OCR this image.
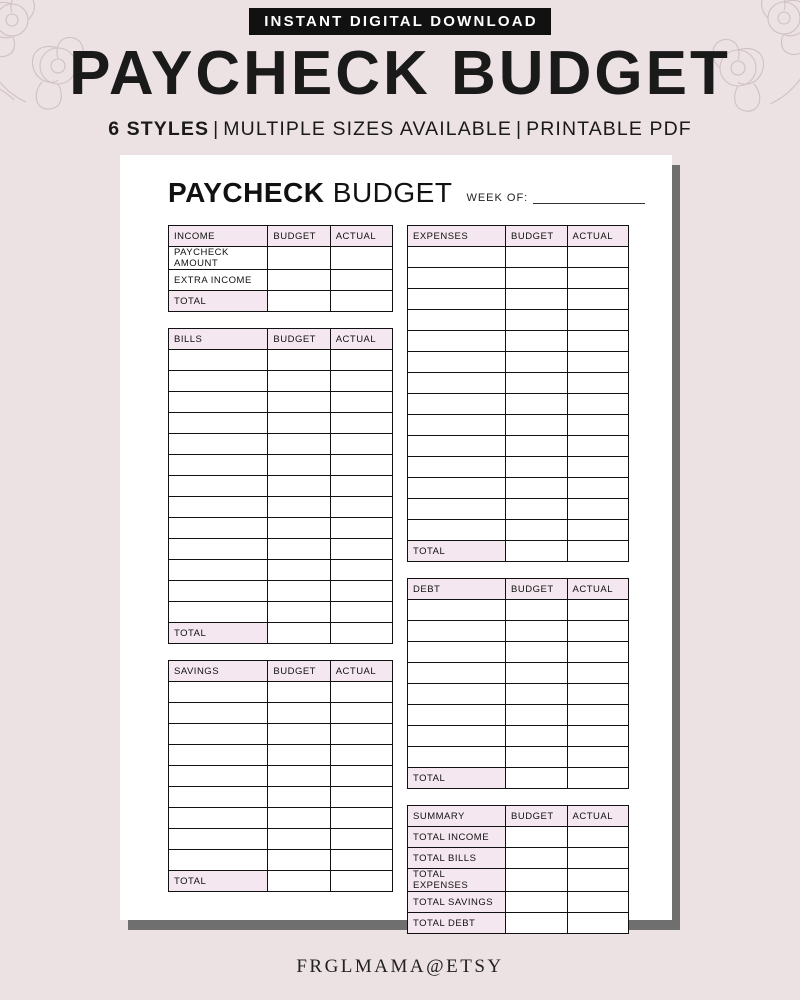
INSTANT DIGITAL DOWNLOAD
PAYCHECK BUDGET
6 STYLES | MULTIPLE SIZES AVAILABLE | PRINTABLE PDF
PAYCHECK BUDGET WEEK OF:
INCOME	BUDGET	ACTUAL
PAYCHECK AMOUNT		
EXTRA INCOME		
TOTAL		
BILLS	BUDGET	ACTUAL

TOTAL		
SAVINGS	BUDGET	ACTUAL

TOTAL		
EXPENSES	BUDGET	ACTUAL

TOTAL		
DEBT	BUDGET	ACTUAL

TOTAL		
SUMMARY	BUDGET	ACTUAL
TOTAL INCOME		
TOTAL BILLS		
TOTAL EXPENSES		
TOTAL SAVINGS		
TOTAL DEBT		
FRGLMAMA@ETSY
